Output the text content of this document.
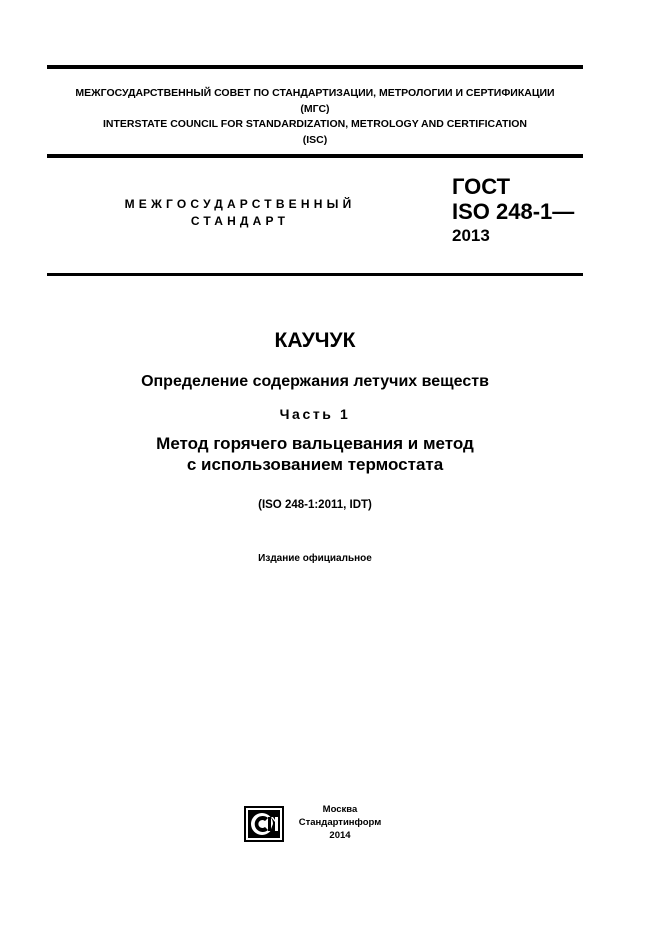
МЕЖГОСУДАРСТВЕННЫЙ СОВЕТ ПО СТАНДАРТИЗАЦИИ, МЕТРОЛОГИИ И СЕРТИФИКАЦИИ
(МГС)
INTERSTATE COUNCIL FOR STANDARDIZATION, METROLOGY AND CERTIFICATION
(ISC)
МЕЖГОСУДАРСТВЕННЫЙ
СТАНДАРТ
ГОСТ
ISO 248-1—
2013
КАУЧУК
Определение содержания летучих веществ
Часть 1
Метод горячего вальцевания и метод
с использованием термостата
(ISO 248-1:2011, IDT)
Издание официальное
Москва
Стандартинформ
2014
